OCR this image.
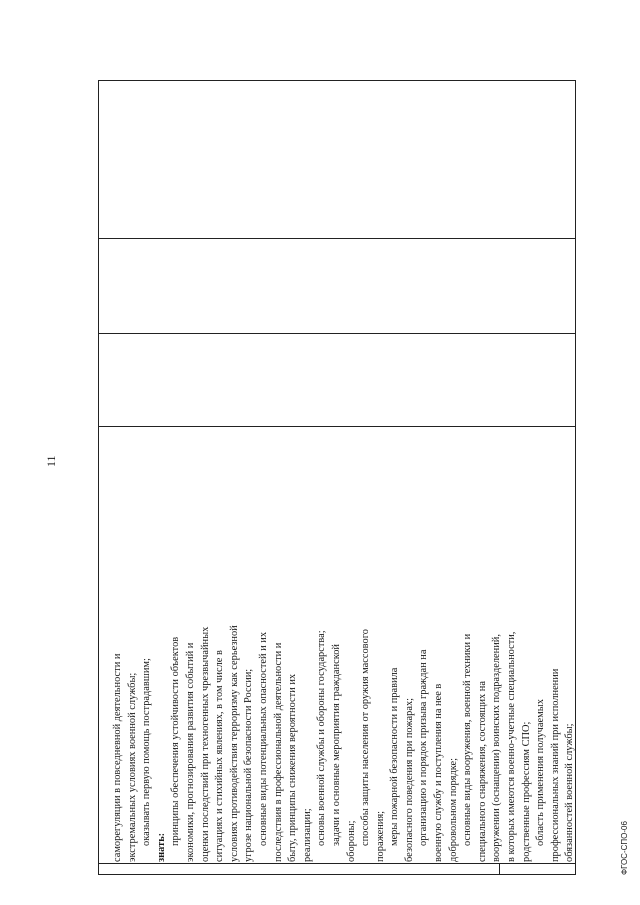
11

саморегуляции в повседневной деятельности и экстремальных условиях военной службы; оказывать первую помощь пострадавшим;

знать:

принципы обеспечения устойчивости объектов экономики, прогнозирования развития событий и оценки последствий при техногенных чрезвычайных ситуациях и стихийных явлениях, в том числе в условиях противодействия терроризму как серьезной угрозе национальной безопасности России; основные виды потенциальных опасностей и их последствия в профессиональной деятельности и быту, принципы снижения вероятности их реализации; основы военной службы и обороны государства; задачи и основные мероприятия гражданской обороны; способы защиты населения от оружия массового поражения; меры пожарной безопасности и правила безопасного поведения при пожарах; организацию и порядок призыва граждан на военную службу и поступления на нее в добровольном порядке; основные виды вооружения, военной техники и специального снаряжения, состоящих на вооружении (оснащении) воинских подразделений, в которых имеются военно-учетные специальности, родственные профессиям СПО; область применения получаемых профессиональных знаний при исполнении обязанностей военной службы;	ФГОС-СПО-06
